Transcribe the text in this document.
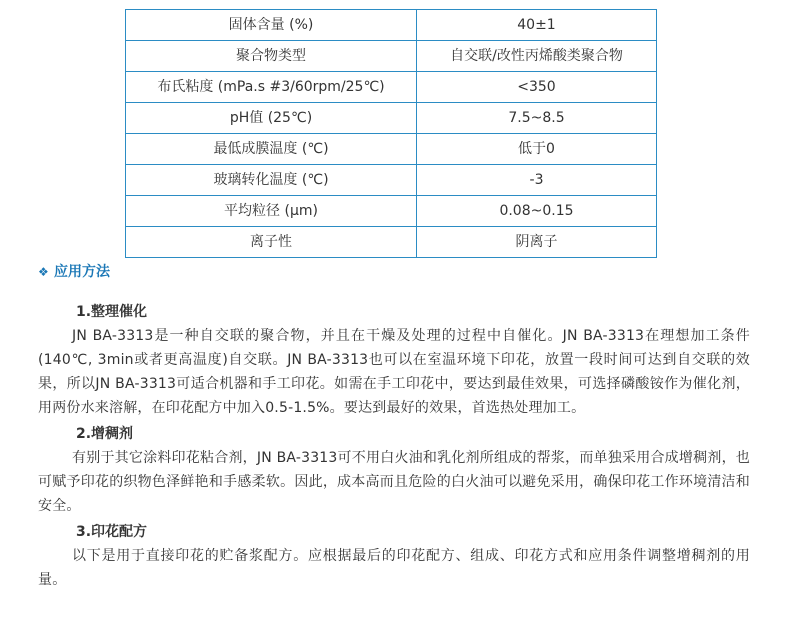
固体含量 (%)	40±1
聚合物类型	自交联/改性丙烯酸类聚合物
布氏粘度 (mPa.s #3/60rpm/25℃)	<350
pH值 (25℃)	7.5~8.5
最低成膜温度 (℃)	低于0
玻璃转化温度 (℃)	-3
平均粒径 (μm)	0.08~0.15
离子性	阴离子
❖ 应用方法
1.整理催化

JN BA-3313是一种自交联的聚合物，并且在干燥及处理的过程中自催化。JN BA-3313在理想加工条件(140℃, 3min或者更高温度)自交联。JN BA-3313也可以在室温环境下印花，放置一段时间可达到自交联的效果，所以JN BA-3313可适合机器和手工印花。如需在手工印花中，要达到最佳效果，可选择磷酸铵作为催化剂，用两份水来溶解，在印花配方中加入0.5-1.5%。要达到最好的效果，首选热处理加工。

2.增稠剂

有别于其它涂料印花粘合剂，JN BA-3313可不用白火油和乳化剂所组成的帮浆，而单独采用合成增稠剂，也可赋予印花的织物色泽鲜艳和手感柔软。因此，成本高而且危险的白火油可以避免采用，确保印花工作环境清洁和安全。

3.印花配方

以下是用于直接印花的贮备浆配方。应根据最后的印花配方、组成、印花方式和应用条件调整增稠剂的用量。
